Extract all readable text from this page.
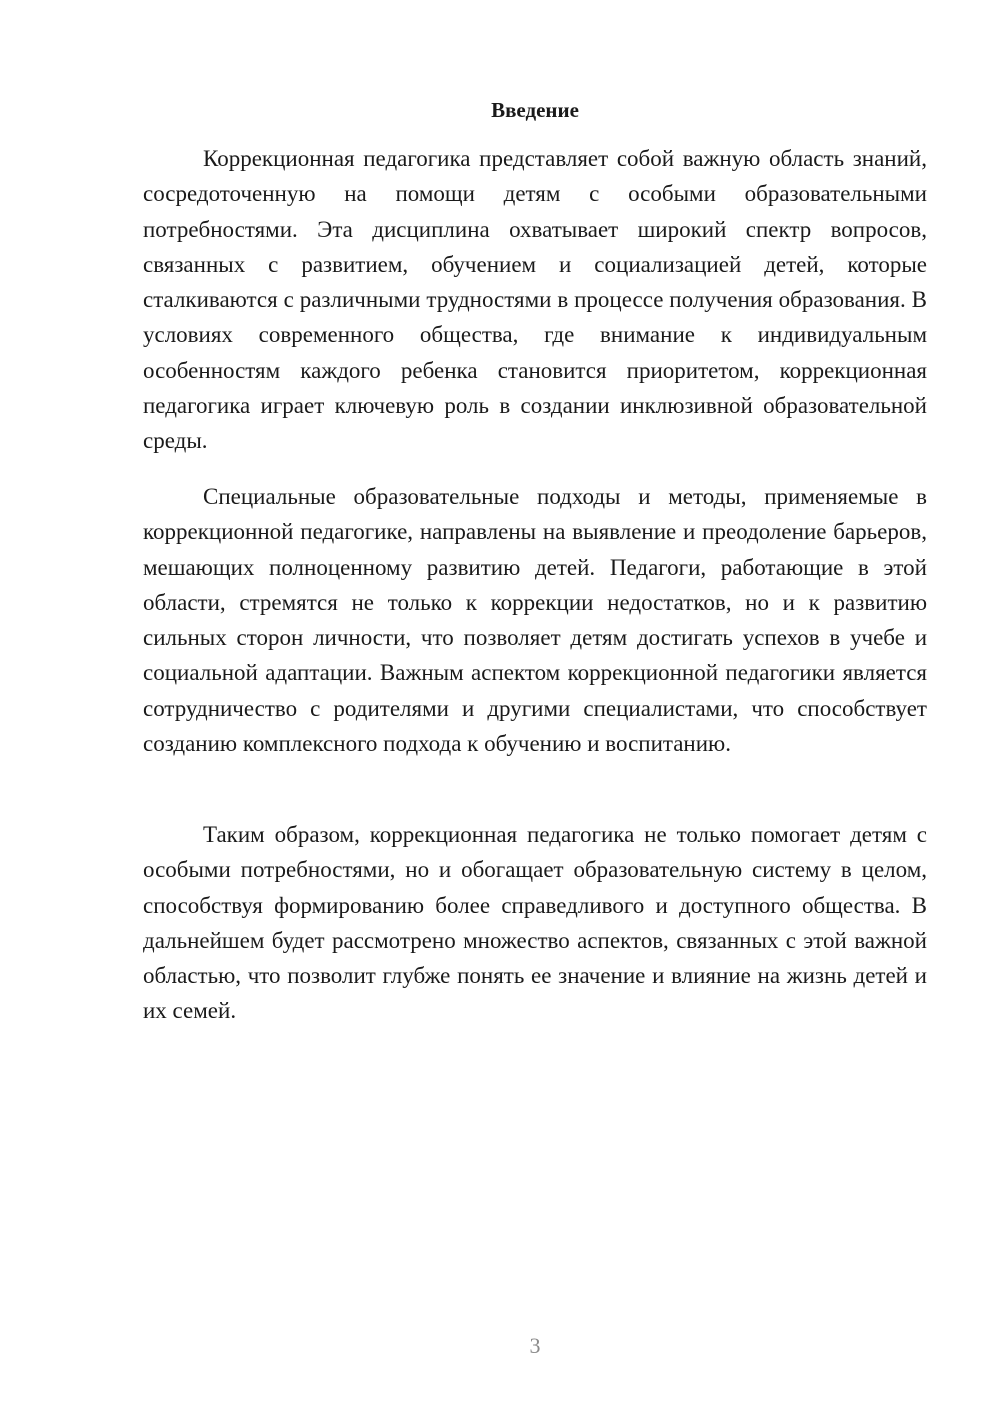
Введение

Коррекционная педагогика представляет собой важную область знаний, сосредоточенную на помощи детям с особыми образовательными потребностями. Эта дисциплина охватывает широкий спектр вопросов, связанных с развитием, обучением и социализацией детей, которые сталкиваются с различными трудностями в процессе получения образования. В условиях современного общества, где внимание к индивидуальным особенностям каждого ребенка становится приоритетом, коррекционная педагогика играет ключевую роль в создании инклюзивной образовательной среды.

Специальные образовательные подходы и методы, применяемые в коррекционной педагогике, направлены на выявление и преодоление барьеров, мешающих полноценному развитию детей. Педагоги, работающие в этой области, стремятся не только к коррекции недостатков, но и к развитию сильных сторон личности, что позволяет детям достигать успехов в учебе и социальной адаптации. Важным аспектом коррекционной педагогики является сотрудничество с родителями и другими специалистами, что способствует созданию комплексного подхода к обучению и воспитанию.

Таким образом, коррекционная педагогика не только помогает детям с особыми потребностями, но и обогащает образовательную систему в целом, способствуя формированию более справедливого и доступного общества. В дальнейшем будет рассмотрено множество аспектов, связанных с этой важной областью, что позволит глубже понять ее значение и влияние на жизнь детей и их семей.

3
